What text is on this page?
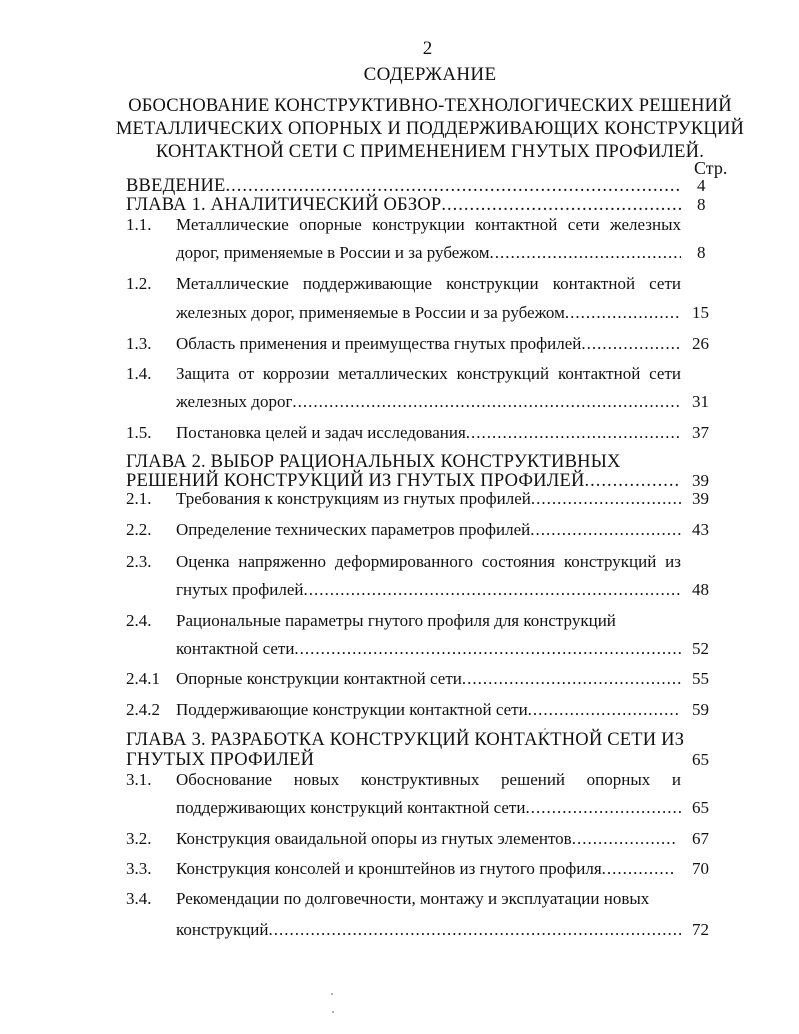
2
СОДЕРЖАНИЕ
ОБОСНОВАНИЕ КОНСТРУКТИВНО-ТЕХНОЛОГИЧЕСКИХ РЕШЕНИЙ
МЕТАЛЛИЧЕСКИХ ОПОРНЫХ И ПОДДЕРЖИВАЮЩИХ КОНСТРУКЦИЙ
КОНТАКТНОЙ СЕТИ С ПРИМЕНЕНИЕМ ГНУТЫХ ПРОФИЛЕЙ.
Стр.
ВВЕДЕНИЕ .....	4
ГЛАВА 1. АНАЛИТИЧЕСКИЙ ОБЗОР .....	8
1.1. Металлические опорные конструкции контактной сети железных
дорог, применяемые в России и за рубежом .....	8
1.2. Металлические поддерживающие конструкции контактной сети
железных дорог, применяемые в России и за рубежом .....	15
1.3. Область применения и преимущества гнутых профилей .....	26
1.4. Защита от коррозии металлических конструкций контактной сети
железных дорог .....	31
1.5. Постановка целей и задач исследования .....	37
ГЛАВА 2. ВЫБОР РАЦИОНАЛЬНЫХ КОНСТРУКТИВНЫХ
РЕШЕНИЙ КОНСТРУКЦИЙ ИЗ ГНУТЫХ ПРОФИЛЕЙ .....	39
2.1. Требования к конструкциям из гнутых профилей .....	39
2.2. Определение технических параметров профилей .....	43
2.3. Оценка напряженно деформированного состояния конструкций из
гнутых профилей .....	48
2.4. Рациональные параметры гнутого профиля для конструкций
контактной сети .....	52
2.4.1 Опорные конструкции контактной сети .....	55
2.4.2 Поддерживающие конструкции контактной сети .....	59
ГЛАВА 3. РАЗРАБОТКА КОНСТРУКЦИЙ КОНТАКТНОЙ СЕТИ ИЗ
ГНУТЫХ ПРОФИЛЕЙ	65
3.1. Обоснование новых конструктивных решений опорных и
поддерживающих конструкций контактной сети .....	65
3.2. Конструкция оваидальной опоры из гнутых элементов .....	67
3.3. Конструкция консолей и кронштейнов из гнутого профиля .....	70
3.4. Рекомендации по долговечности, монтажу и эксплуатации новых
конструкций .....	72
